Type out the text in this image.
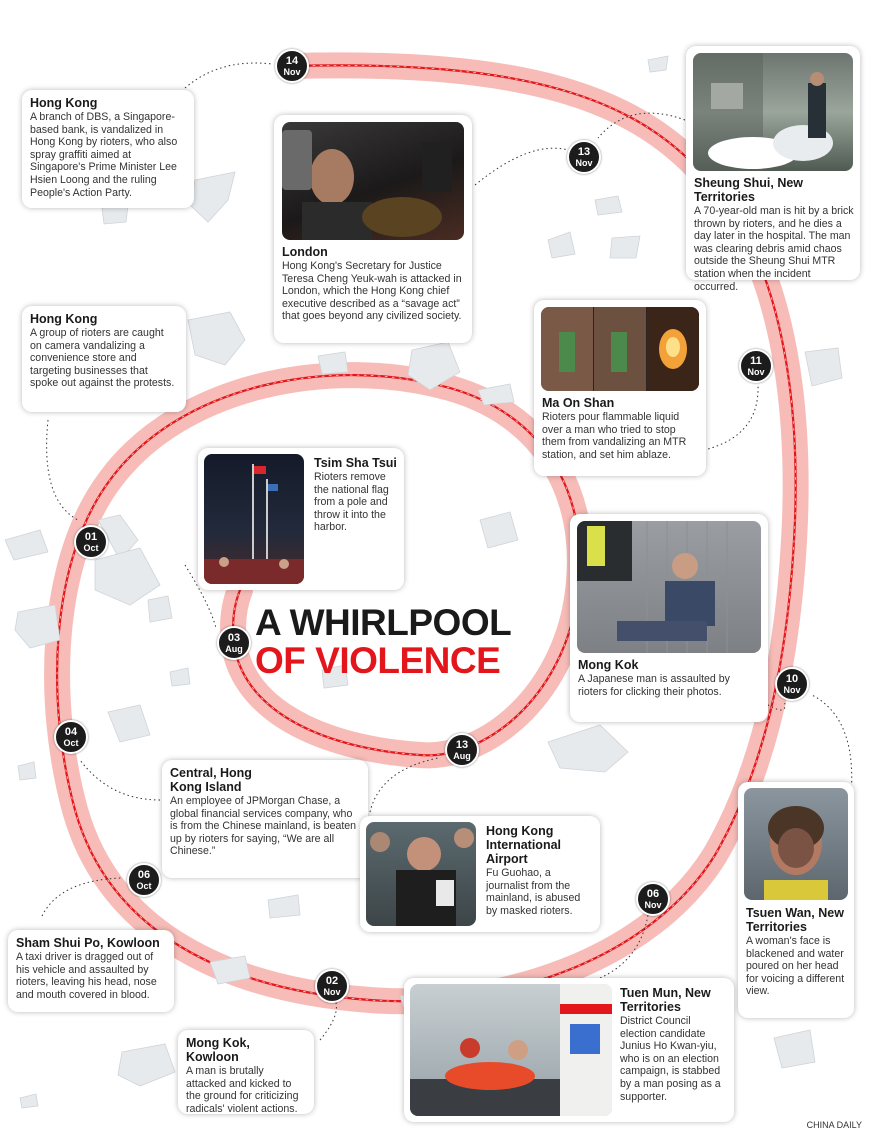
A WHIRLPOOL
OF VIOLENCE
14
Nov
13
Nov
11
Nov
10
Nov
06
Nov
02
Nov
06
Oct
04
Oct
01
Oct
03
Aug
13
Aug
Hong Kong

A branch of DBS, a Singapore-based bank, is vandalized in Hong Kong by rioters, who also spray graffiti aimed at Singapore's Prime Minister Lee Hsien Loong and the ruling People's Action Party.

London

Hong Kong's Secretary for Justice Teresa Cheng Yeuk-wah is attacked in London, which the Hong Kong chief executive described as a “savage act” that goes beyond any civilized society.

Sheung Shui, New Territories

A 70-year-old man is hit by a brick thrown by rioters, and he dies a day later in the hospital. The man was clearing debris amid chaos outside the Sheung Shui MTR station when the incident occurred.

Hong Kong

A group of rioters are caught on camera vandalizing a convenience store and targeting businesses that spoke out against the protests.

Ma On Shan

Rioters pour flammable liquid over a man who tried to stop them from vandalizing an MTR station, and set him ablaze.

Tsim Sha Tsui

Rioters remove the national flag from a pole and throw it into the harbor.

Mong Kok

A Japanese man is assaulted by rioters for clicking their photos.

Central, Hong Kong Island

An employee of JPMorgan Chase, a global financial services company, who is from the Chinese mainland, is beaten up by rioters for saying, “We are all Chinese.”

Hong Kong International Airport

Fu Guohao, a journalist from the mainland, is abused by masked rioters.	Tsuen Wan, New Territories

A woman's face is blackened and water poured on her head for voicing a different view.

Sham Shui Po, Kowloon

A taxi driver is dragged out of his vehicle and assaulted by rioters, leaving his head, nose and mouth covered in blood.

Mong Kok, Kowloon

A man is brutally attacked and kicked to the ground for criticizing radicals' violent actions.

Tuen Mun, New Territories

District Council election candidate Junius Ho Kwan-yiu, who is on an election campaign, is stabbed by a man posing as a supporter.

CHINA DAILY
